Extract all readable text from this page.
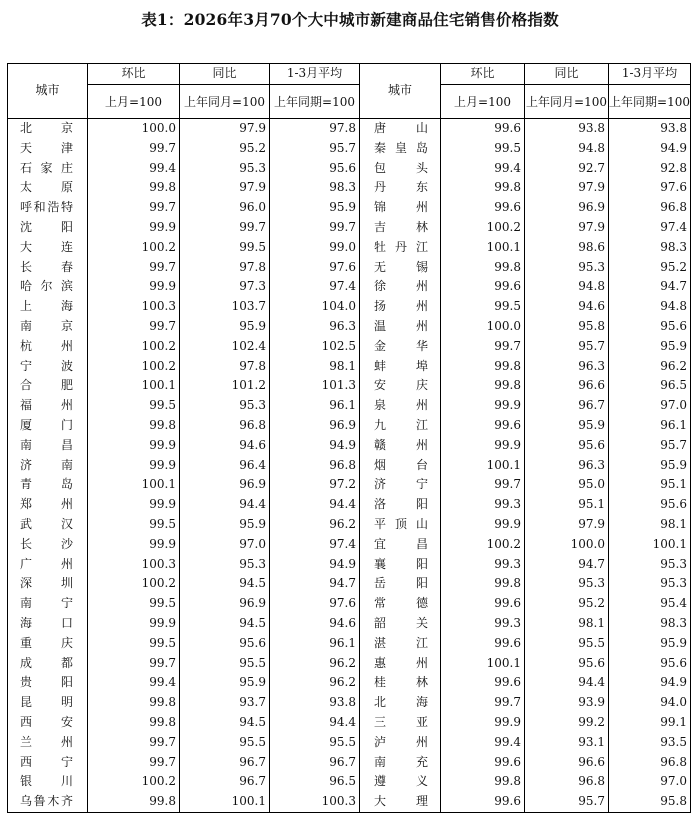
表1：2026年3月70个大中城市新建商品住宅销售价格指数
城市	环比	同比	1-3月平均	城市	环比	同比	1-3月平均
	上月=100	上年同月=100	上年同期=100		上月=100	上年同月=100	上年同期=100
北京	100.0	97.9	97.8	唐山	99.6	93.8	93.8
天津	99.7	95.2	95.7	秦皇岛	99.5	94.8	94.9
石家庄	99.4	95.3	95.6	包头	99.4	92.7	92.8
太原	99.8	97.9	98.3	丹东	99.8	97.9	97.6
呼和浩特	99.7	96.0	95.9	锦州	99.6	96.9	96.8
沈阳	99.9	99.7	99.7	吉林	100.2	97.9	97.4
大连	100.2	99.5	99.0	牡丹江	100.1	98.6	98.3
长春	99.7	97.8	97.6	无锡	99.8	95.3	95.2
哈尔滨	99.9	97.3	97.4	徐州	99.6	94.8	94.7
上海	100.3	103.7	104.0	扬州	99.5	94.6	94.8
南京	99.7	95.9	96.3	温州	100.0	95.8	95.6
杭州	100.2	102.4	102.5	金华	99.7	95.7	95.9
宁波	100.2	97.8	98.1	蚌埠	99.8	96.3	96.2
合肥	100.1	101.2	101.3	安庆	99.8	96.6	96.5
福州	99.5	95.3	96.1	泉州	99.9	96.7	97.0
厦门	99.8	96.8	96.9	九江	99.6	95.9	96.1
南昌	99.9	94.6	94.9	赣州	99.9	95.6	95.7
济南	99.9	96.4	96.8	烟台	100.1	96.3	95.9
青岛	100.1	96.9	97.2	济宁	99.7	95.0	95.1
郑州	99.9	94.4	94.4	洛阳	99.3	95.1	95.6
武汉	99.5	95.9	96.2	平顶山	99.9	97.9	98.1
长沙	99.9	97.0	97.4	宜昌	100.2	100.0	100.1
广州	100.3	95.3	94.9	襄阳	99.3	94.7	95.3
深圳	100.2	94.5	94.7	岳阳	99.8	95.3	95.3
南宁	99.5	96.9	97.6	常德	99.6	95.2	95.4
海口	99.9	94.5	94.6	韶关	99.3	98.1	98.3
重庆	99.5	95.6	96.1	湛江	99.6	95.5	95.9
成都	99.7	95.5	96.2	惠州	100.1	95.6	95.6
贵阳	99.4	95.9	96.2	桂林	99.6	94.4	94.9
昆明	99.8	93.7	93.8	北海	99.7	93.9	94.0
西安	99.8	94.5	94.4	三亚	99.9	99.2	99.1
兰州	99.7	95.5	95.5	泸州	99.4	93.1	93.5
西宁	99.7	96.7	96.7	南充	99.6	96.6	96.8
银川	100.2	96.7	96.5	遵义	99.8	96.8	97.0
乌鲁木齐	99.8	100.1	100.3	大理	99.6	95.7	95.8
